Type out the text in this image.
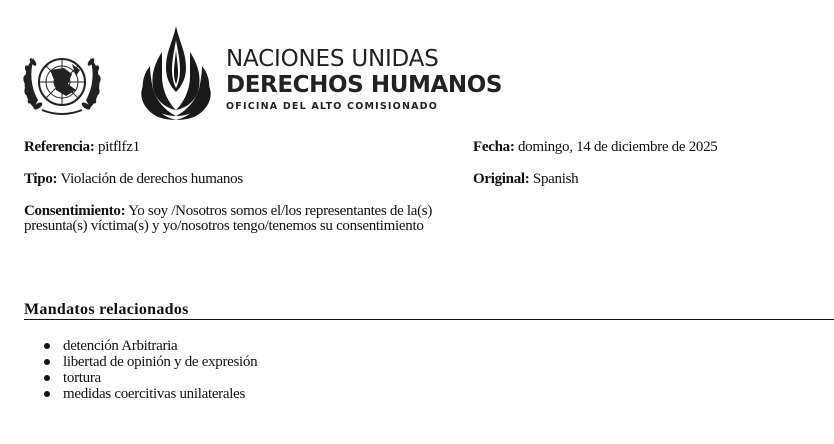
NACIONES UNIDAS
DERECHOS HUMANOS
OFICINA DEL ALTO COMISIONADO
Referencia: pitflfz1	Fecha: domingo, 14 de diciembre de 2025
Tipo: Violación de derechos humanos	Original: Spanish
Consentimiento: Yo soy /Nosotros somos el/los representantes de la(s) presunta(s) víctima(s) y yo/nosotros tengo/tenemos su consentimiento
Mandatos relacionados
detención Arbitraria
libertad de opinión y de expresión
tortura
medidas coercitivas unilaterales
